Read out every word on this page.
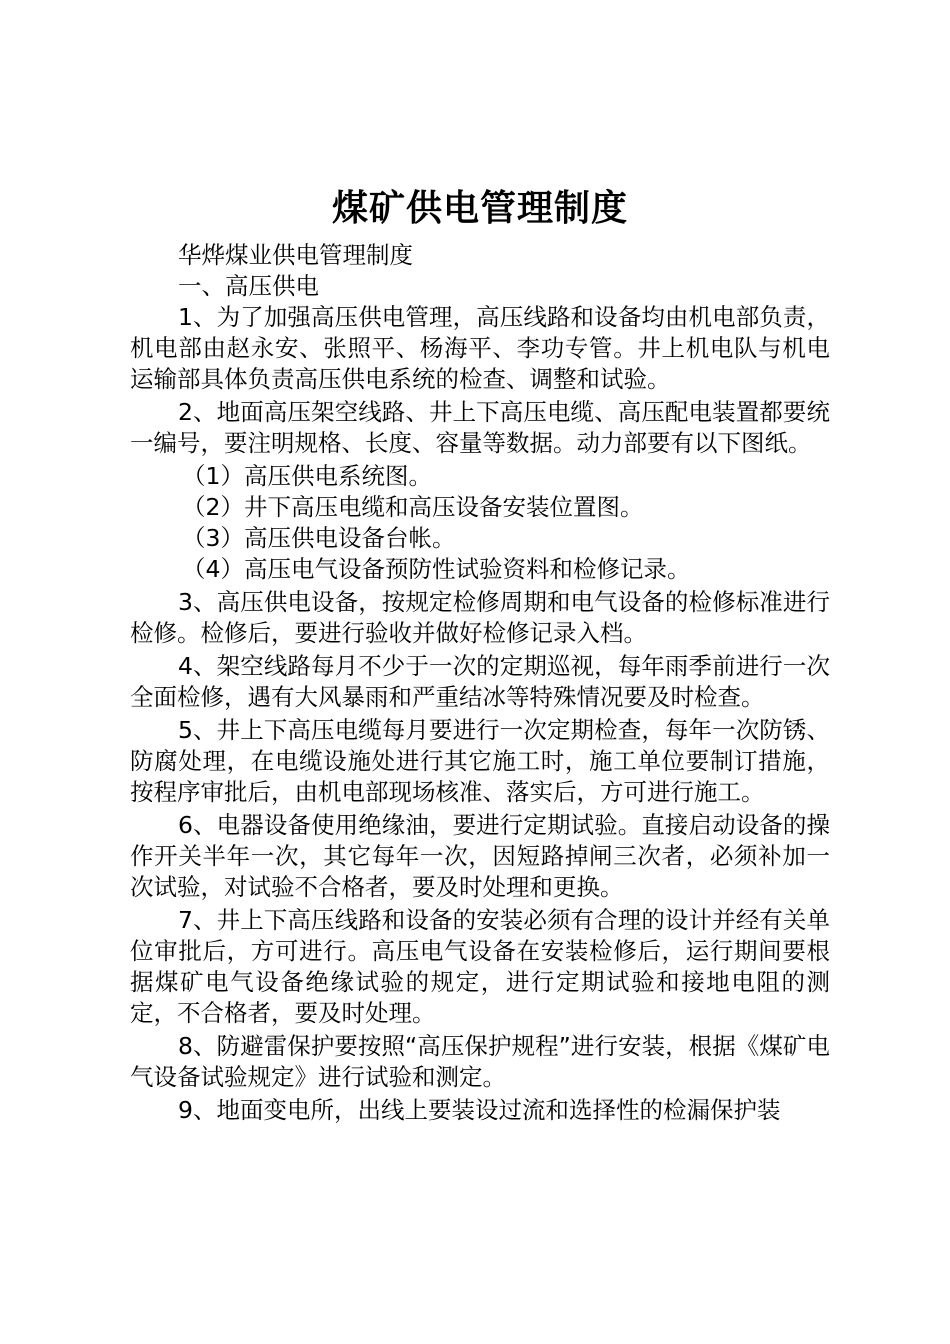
煤矿供电管理制度

华烨煤业供电管理制度

一、高压供电

1、为了加强高压供电管理，高压线路和设备均由机电部负责，机电部由赵永安、张照平、杨海平、李功专管。井上机电队与机电运输部具体负责高压供电系统的检查、调整和试验。

2、地面高压架空线路、井上下高压电缆、高压配电装置都要统一编号，要注明规格、长度、容量等数据。动力部要有以下图纸。

（1）高压供电系统图。

（2）井下高压电缆和高压设备安装位置图。

（3）高压供电设备台帐。

（4）高压电气设备预防性试验资料和检修记录。

3、高压供电设备，按规定检修周期和电气设备的检修标准进行检修。检修后，要进行验收并做好检修记录入档。

4、架空线路每月不少于一次的定期巡视，每年雨季前进行一次全面检修，遇有大风暴雨和严重结冰等特殊情况要及时检查。

5、井上下高压电缆每月要进行一次定期检查，每年一次防锈、防腐处理，在电缆设施处进行其它施工时，施工单位要制订措施，按程序审批后，由机电部现场核准、落实后，方可进行施工。

6、电器设备使用绝缘油，要进行定期试验。直接启动设备的操作开关半年一次，其它每年一次，因短路掉闸三次者，必须补加一次试验，对试验不合格者，要及时处理和更换。

7、井上下高压线路和设备的安装必须有合理的设计并经有关单位审批后，方可进行。高压电气设备在安装检修后，运行期间要根据煤矿电气设备绝缘试验的规定，进行定期试验和接地电阻的测定，不合格者，要及时处理。

8、防避雷保护要按照“高压保护规程”进行安装，根据《煤矿电气设备试验规定》进行试验和测定。

9、地面变电所，出线上要装设过流和选择性的检漏保护装
